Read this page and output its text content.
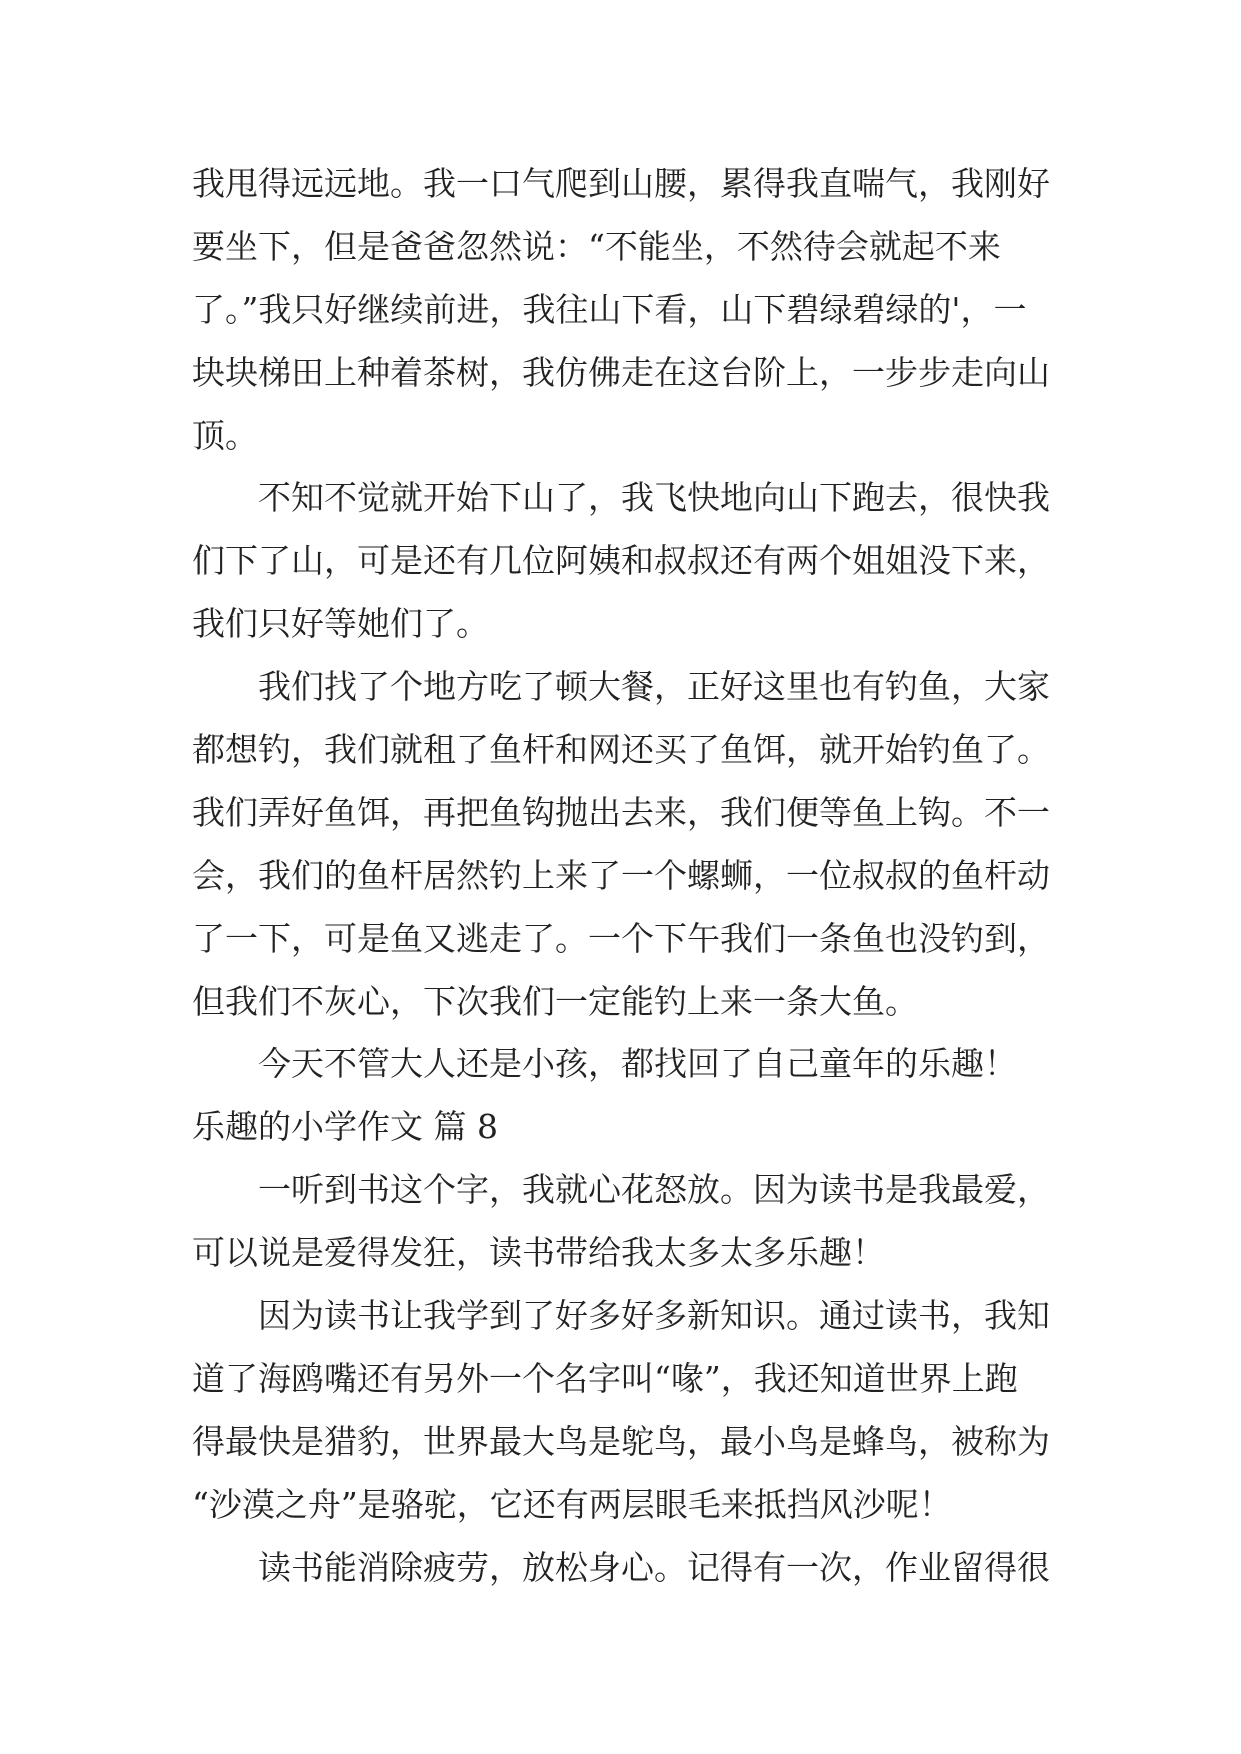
我甩得远远地。我一口气爬到山腰，累得我直喘气，我刚好
要坐下，但是爸爸忽然说：“不能坐，不然待会就起不来
了。”我只好继续前进，我往山下看，山下碧绿碧绿的'，一
块块梯田上种着茶树，我仿佛走在这台阶上，一步步走向山
顶。
不知不觉就开始下山了，我飞快地向山下跑去，很快我
们下了山，可是还有几位阿姨和叔叔还有两个姐姐没下来，
我们只好等她们了。
我们找了个地方吃了顿大餐，正好这里也有钓鱼，大家
都想钓，我们就租了鱼杆和网还买了鱼饵，就开始钓鱼了。
我们弄好鱼饵，再把鱼钩抛出去来，我们便等鱼上钩。不一
会，我们的鱼杆居然钓上来了一个螺蛳，一位叔叔的鱼杆动
了一下，可是鱼又逃走了。一个下午我们一条鱼也没钓到，
但我们不灰心，下次我们一定能钓上来一条大鱼。
今天不管大人还是小孩，都找回了自己童年的乐趣！
乐趣的小学作文 篇 8
一听到书这个字，我就心花怒放。因为读书是我最爱，
可以说是爱得发狂，读书带给我太多太多乐趣！
因为读书让我学到了好多好多新知识。通过读书，我知
道了海鸥嘴还有另外一个名字叫“喙”，我还知道世界上跑
得最快是猎豹，世界最大鸟是鸵鸟，最小鸟是蜂鸟，被称为
“沙漠之舟”是骆驼，它还有两层眼毛来抵挡风沙呢！
读书能消除疲劳，放松身心。记得有一次，作业留得很
